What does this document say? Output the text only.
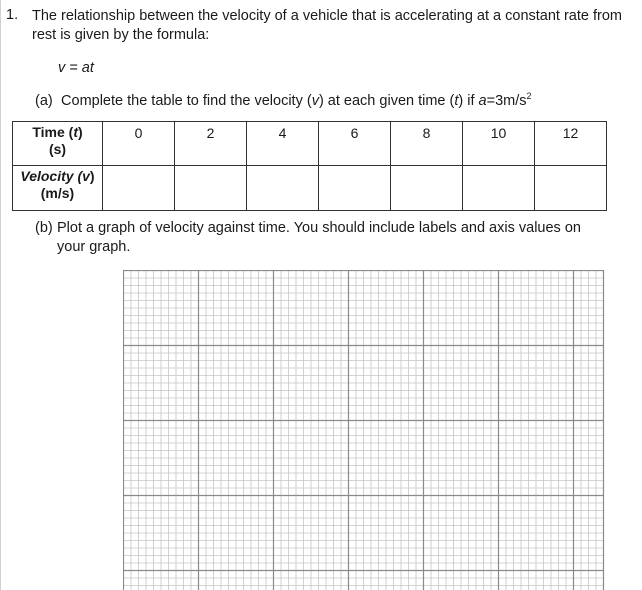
1. The relationship between the velocity of a vehicle that is accelerating at a constant rate from rest is given by the formula:
v = at
(a) Complete the table to find the velocity (v) at each given time (t) if $a=3m/s^2$
Time (t)
(s)	0	2	4	6	8	10	12
Velocity (v)
(m/s)							
(b) Plot a graph of velocity against time. You should include labels and axis values on
your graph.
